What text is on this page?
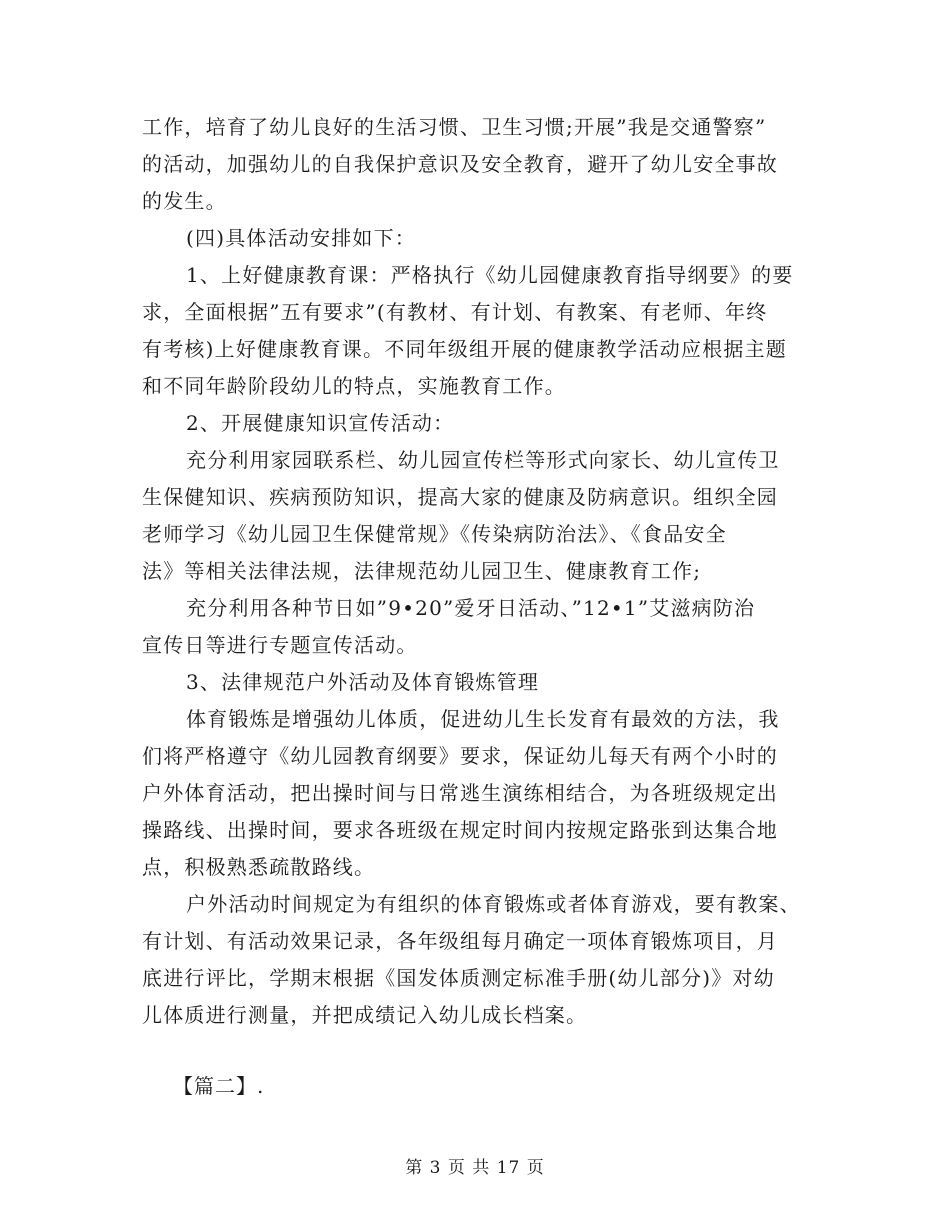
工作，培育了幼儿良好的生活习惯、卫生习惯;开展”我是交通警察”
的活动，加强幼儿的自我保护意识及安全教育，避开了幼儿安全事故
的发生。
(四)具体活动安排如下：
1、上好健康教育课：严格执行《幼儿园健康教育指导纲要》的要
求，全面根据”五有要求”(有教材、有计划、有教案、有老师、年终
有考核)上好健康教育课。不同年级组开展的健康教学活动应根据主题
和不同年龄阶段幼儿的特点，实施教育工作。
2、开展健康知识宣传活动：
充分利用家园联系栏、幼儿园宣传栏等形式向家长、幼儿宣传卫
生保健知识、疾病预防知识，提高大家的健康及防病意识。组织全园
老师学习《幼儿园卫生保健常规》《传染病防治法》、《食品安全
法》等相关法律法规，法律规范幼儿园卫生、健康教育工作;
充分利用各种节日如”9•20”爱牙日活动、”12•1”艾滋病防治
宣传日等进行专题宣传活动。
3、法律规范户外活动及体育锻炼管理
体育锻炼是增强幼儿体质，促进幼儿生长发育有最效的方法，我
们将严格遵守《幼儿园教育纲要》要求，保证幼儿每天有两个小时的
户外体育活动，把出操时间与日常逃生演练相结合，为各班级规定出
操路线、出操时间，要求各班级在规定时间内按规定路张到达集合地
点，积极熟悉疏散路线。
户外活动时间规定为有组织的体育锻炼或者体育游戏，要有教案、
有计划、有活动效果记录，各年级组每月确定一项体育锻炼项目，月
底进行评比，学期末根据《国发体质测定标准手册(幼儿部分)》对幼
儿体质进行测量，并把成绩记入幼儿成长档案。
【篇二】.
第 3 页 共 17 页
